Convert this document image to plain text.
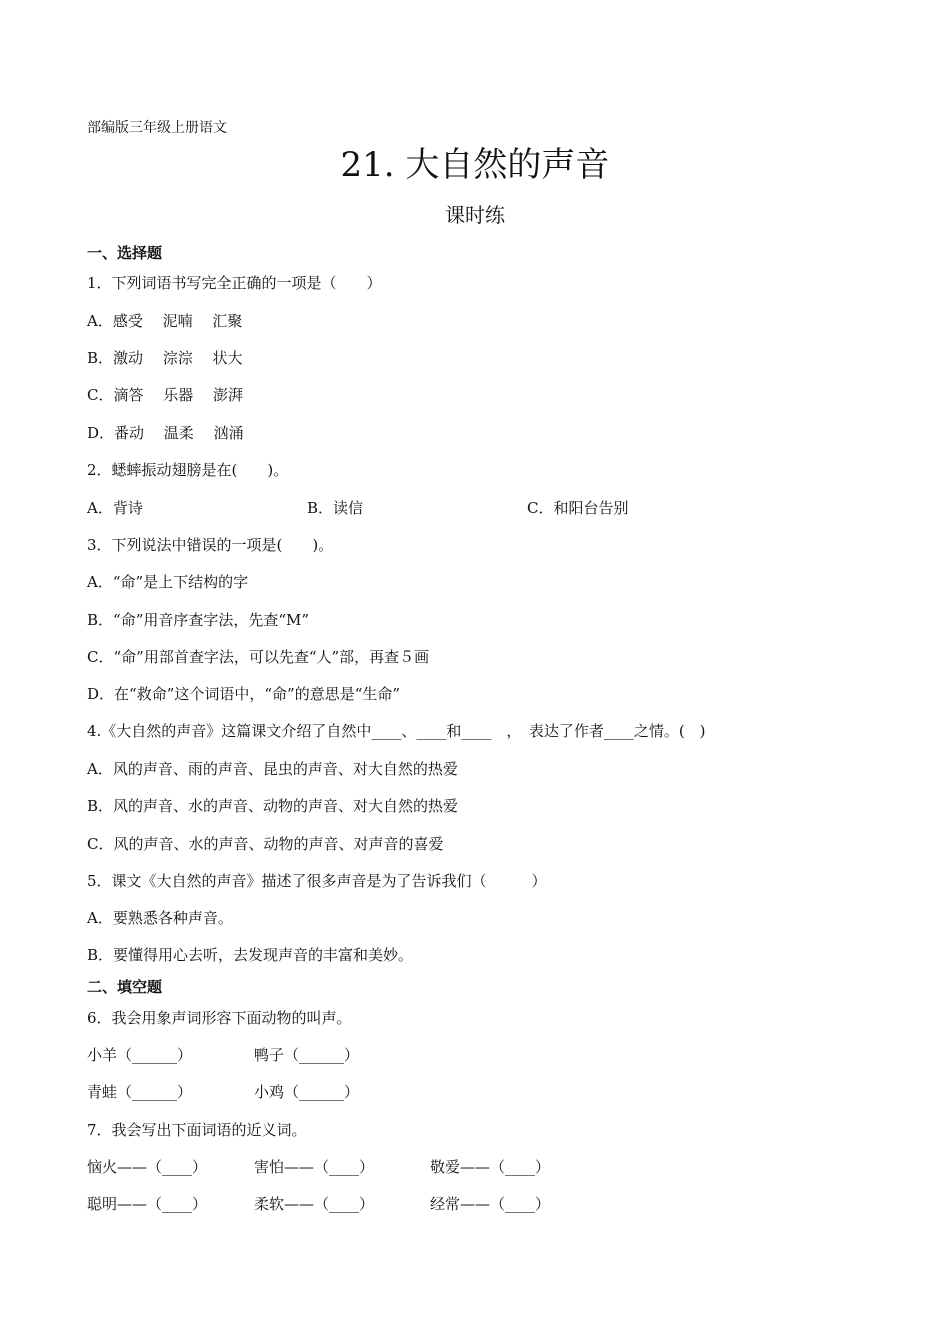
部编版三年级上册语文
21. 大自然的声音
课时练
一、选择题
1．下列词语书写完全正确的一项是（　　）
A．感受　 泥喃　 汇聚
B．激动　 淙淙　 状大
C．滴答　 乐器　 澎湃
D．番动　 温柔　 汹涌
2．蟋蟀振动翅膀是在(　　)。
A．背诗	B．读信	C．和阳台告别
3．下列说法中错误的一项是(　　)。
A．“命”是上下结构的字
B．“命”用音序查字法，先查“M”
C．“命”用部首查字法，可以先查“人”部，再查５画
D．在“救命”这个词语中，“命”的意思是“生命”
4.《大自然的声音》这篇课文介绍了自然中____、____和____　，　表达了作者____之情。(　)
A．风的声音、雨的声音、昆虫的声音、对大自然的热爱
B．风的声音、水的声音、动物的声音、对大自然的热爱
C．风的声音、水的声音、动物的声音、对声音的喜爱
5．课文《大自然的声音》描述了很多声音是为了告诉我们（　　　）
A．要熟悉各种声音。
B．要懂得用心去听，去发现声音的丰富和美妙。
二、填空题
6．我会用象声词形容下面动物的叫声。
小羊（______）	鸭子（______）
青蛙（______）	小鸡（______）
7．我会写出下面词语的近义词。
恼火——（____）	害怕——（____）	敬爱——（____）
聪明——（____）	柔软——（____）	经常——（____）
